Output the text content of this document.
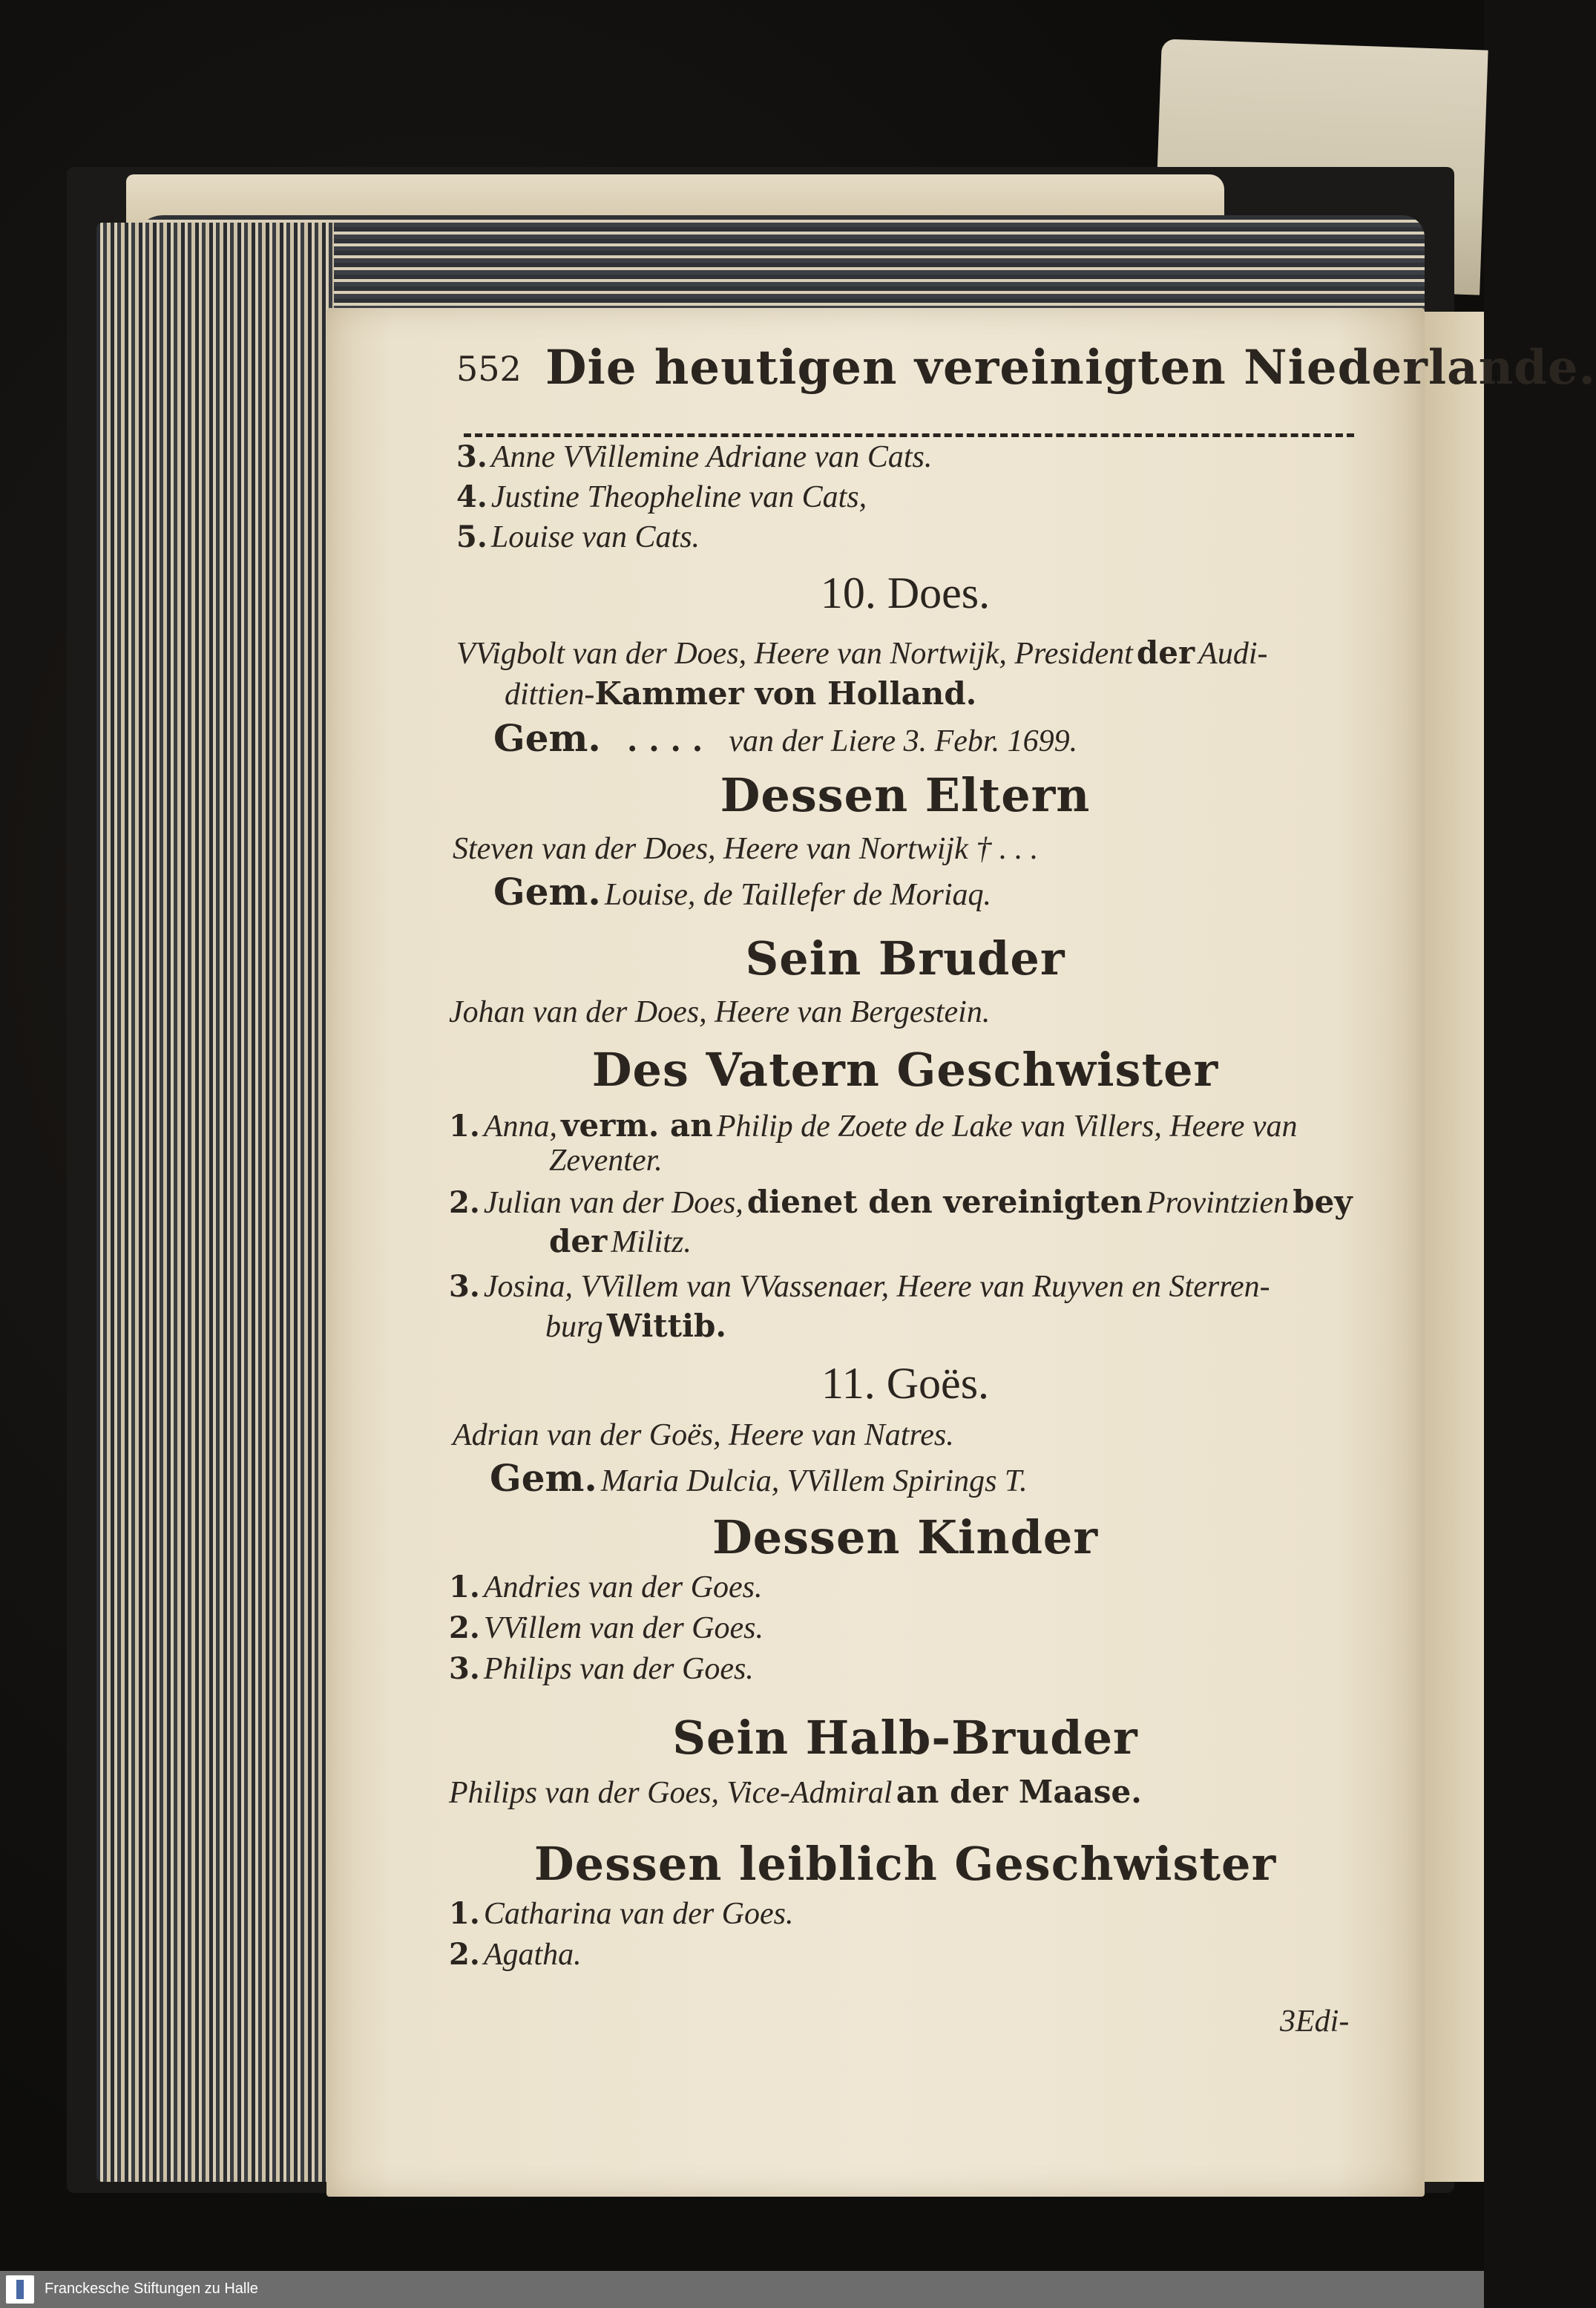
552 Die heutigen vereinigten Niederlande.
3. Anne VVillemine Adriane van Cats.
4. Justine Theopheline van Cats,
5. Louise van Cats.
10. Does.
VVigbolt van der Does, Heere van Nortwijk, President der Audi-
dittien-Kammer von Holland.
Gem. . . . . van der Liere 3. Febr. 1699.
Dessen Eltern
Steven van der Does, Heere van Nortwijk † . . .
Gem. Louise, de Taillefer de Moriaq.
Sein Bruder
Johan van der Does, Heere van Bergestein.
Des Vatern Geschwister
1. Anna, verm. an Philip de Zoete de Lake van Villers, Heere van
Zeventer.
2. Julian van der Does, dienet den vereinigten Provintzien bey
der Militz.
3. Josina, VVillem van VVassenaer, Heere van Ruyven en Sterren-
burg Wittib.
11. Goës.
Adrian van der Goës, Heere van Natres.
Gem. Maria Dulcia, VVillem Spirings T.
Dessen Kinder
1. Andries van der Goes.
2. VVillem van der Goes.
3. Philips van der Goes.
Sein Halb-Bruder
Philips van der Goes, Vice-Admiral an der Maase.
Dessen leiblich Geschwister
1. Catharina van der Goes.
2. Agatha.
3Edi-
Franckesche Stiftungen zu Halle
